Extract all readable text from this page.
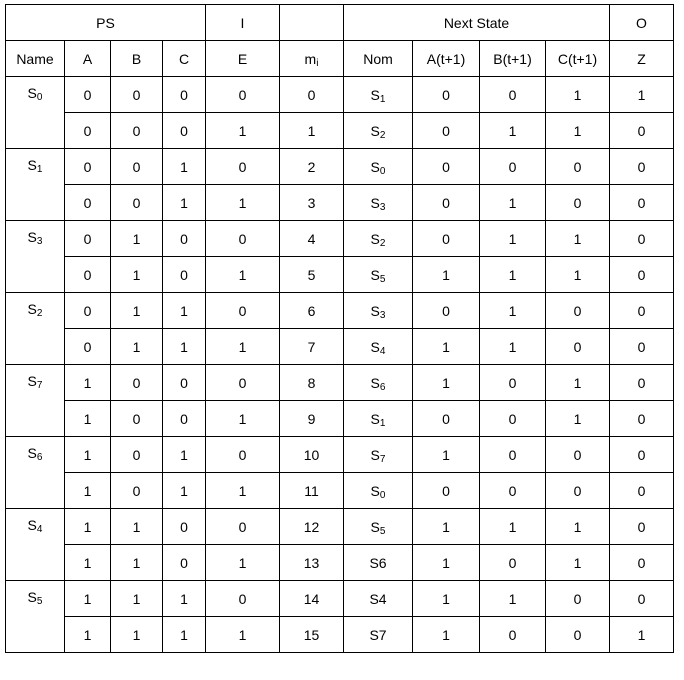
PS				I		Next State				O
Name	A	B	C	E	$m_i$	Nom	A(t+1)	B(t+1)	C(t+1)	Z
$S_0$	0	0	0	0	0	$S_1$	0	0	1	1
	0	0	0	1	1	$S_2$	0	1	1	0
$S_1$	0	0	1	0	2	$S_0$	0	0	0	0
	0	0	1	1	3	$S_3$	0	1	0	0
$S_3$	0	1	0	0	4	$S_2$	0	1	1	0
	0	1	0	1	5	$S_5$	1	1	1	0
$S_2$	0	1	1	0	6	$S_3$	0	1	0	0
	0	1	1	1	7	$S_4$	1	1	0	0
$S_7$	1	0	0	0	8	$S_6$	1	0	1	0
	1	0	0	1	9	$S_1$	0	0	1	0
$S_6$	1	0	1	0	10	$S_7$	1	0	0	0
	1	0	1	1	11	$S_0$	0	0	0	0
$S_4$	1	1	0	0	12	$S_5$	1	1	1	0
	1	1	0	1	13	S6	1	0	1	0
$S_5$	1	1	1	0	14	S4	1	1	0	0
	1	1	1	1	15	S7	1	0	0	1
